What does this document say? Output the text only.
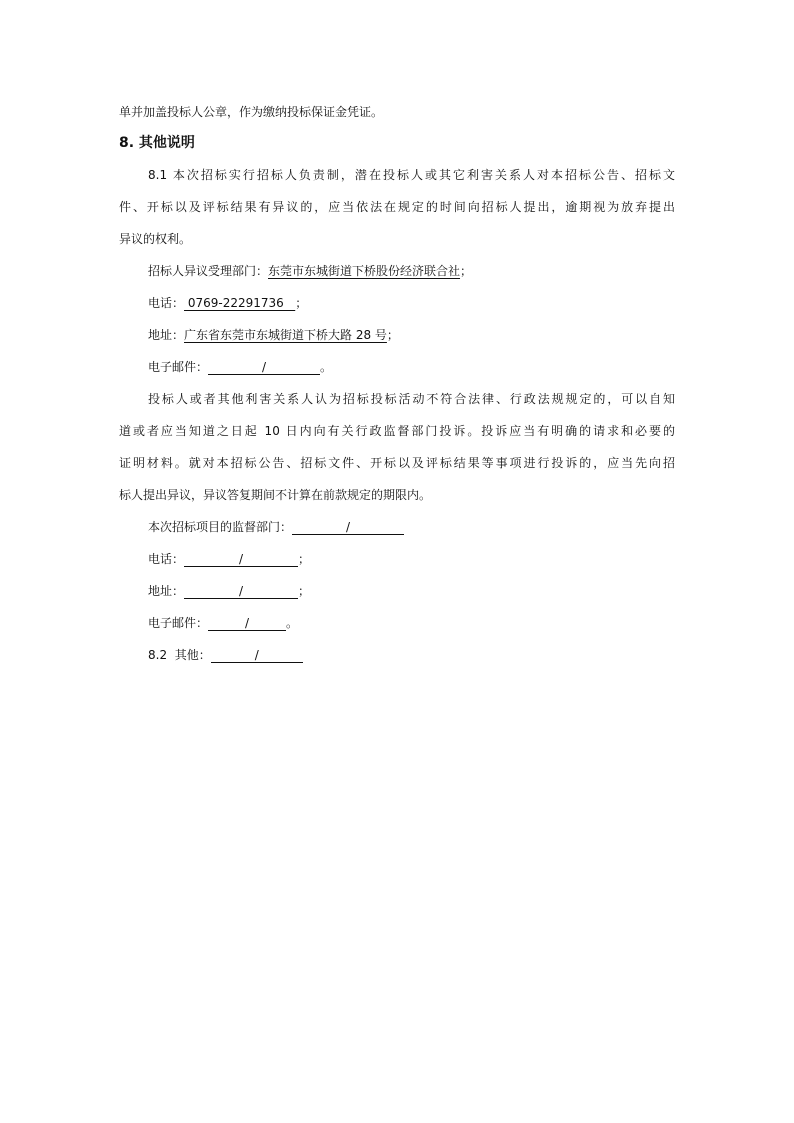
单并加盖投标人公章，作为缴纳投标保证金凭证。
8. 其他说明
8.1 本次招标实行招标人负责制，潜在投标人或其它利害关系人对本招标公告、招标文
件、开标以及评标结果有异议的，应当依法在规定的时间向招标人提出，逾期视为放弃提出
异议的权利。
招标人异议受理部门：东莞市东城街道下桥股份经济联合社；
电话： 0769-22291736   ；
地址：广东省东莞市东城街道下桥大路 28 号；
电子邮件：	/	。
投标人或者其他利害关系人认为招标投标活动不符合法律、行政法规规定的，可以自知
道或者应当知道之日起 10 日内向有关行政监督部门投诉。投诉应当有明确的请求和必要的
证明材料。就对本招标公告、招标文件、开标以及评标结果等事项进行投诉的，应当先向招
标人提出异议，异议答复期间不计算在前款规定的期限内。
本次招标项目的监督部门：	/
电话：	/	；
地址：	/	；
电子邮件：	/	。
8.2  其他：	/
